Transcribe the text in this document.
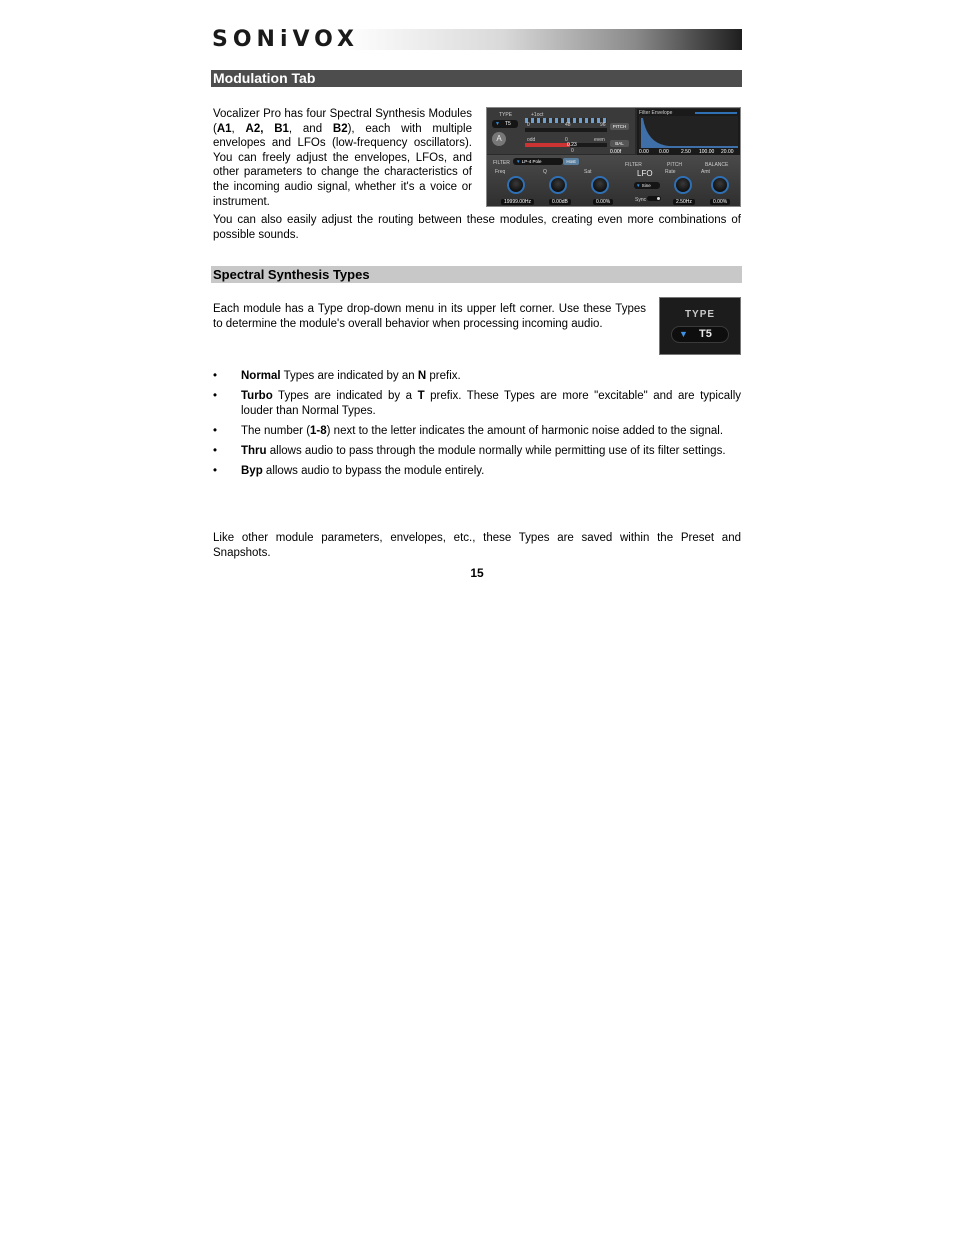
SONiVOX
Modulation Tab
Vocalizer Pro has four Spectral Synthesis Modules (A1, A2, B1, and B2), each with multiple envelopes and LFOs (low-frequency oscillators). You can freely adjust the envelopes, LFOs, and other parameters to change the characteristics of the incoming audio signal, whether it's a voice or instrument.
TYPE
▼ T5
+1oct
0	48	96	PITCH
A	odd	0	even
0.23
0
BAL
0.00f
Filter Envelope
0.00 0.00 2.50 100.00 20.00
FILTER	▼ LP-4 Pole	Host
FILTER	PITCH	BALANCE
Freq	Q	Sat
19999.00Hz	0.00dB	0.00%
LFO
▼ Sine
Sync
Rate	Amt
2.50Hz	0.00%
You can also easily adjust the routing between these modules, creating even more combinations of possible sounds.
Spectral Synthesis Types
Each module has a Type drop-down menu in its upper left corner. Use these Types to determine the module's overall behavior when processing incoming audio.
TYPE
▼ T5
• Normal Types are indicated by an N prefix.
• Turbo Types are indicated by a T prefix. These Types are more "excitable" and are typically louder than Normal Types.
• The number (1-8) next to the letter indicates the amount of harmonic noise added to the signal.
• Thru allows audio to pass through the module normally while permitting use of its filter settings.
• Byp allows audio to bypass the module entirely.
Like other module parameters, envelopes, etc., these Types are saved within the Preset and Snapshots.
15
